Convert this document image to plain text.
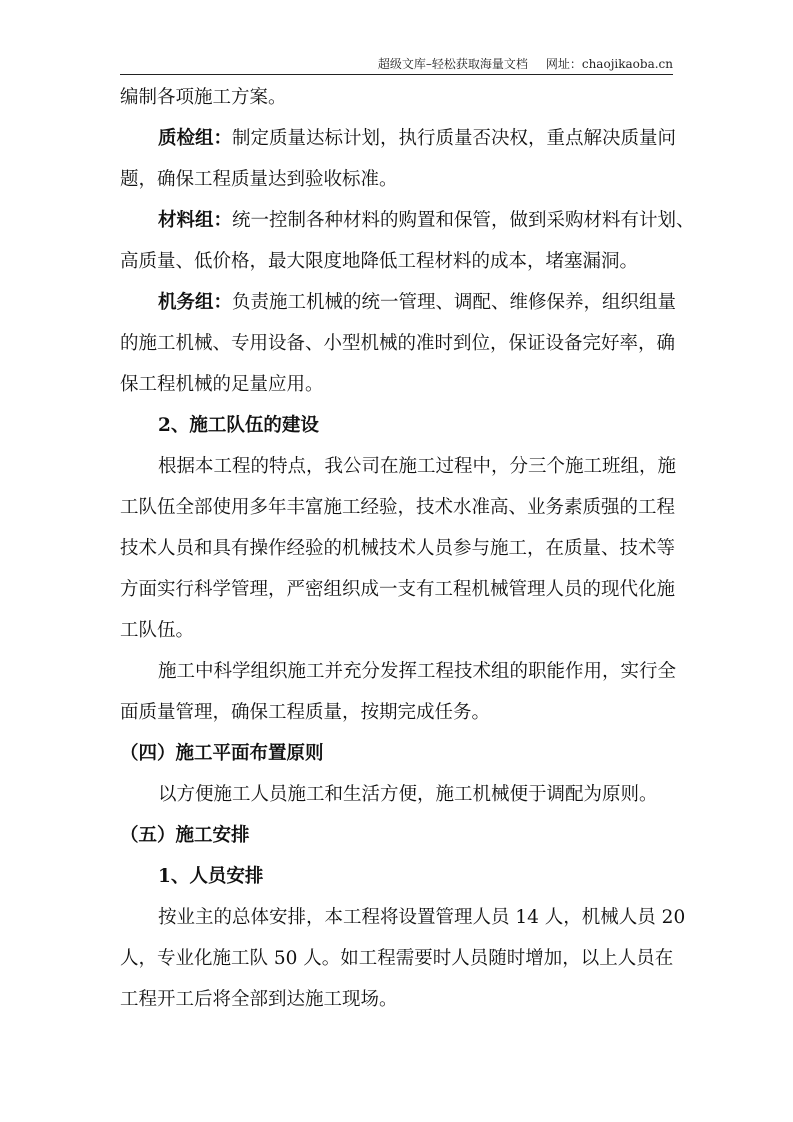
超级文库–轻松获取海量文档 网址：chaojikaoba.cn
编制各项施工方案。
质检组：制定质量达标计划，执行质量否决权，重点解决质量问
题，确保工程质量达到验收标准。
材料组：统一控制各种材料的购置和保管，做到采购材料有计划、
高质量、低价格，最大限度地降低工程材料的成本，堵塞漏洞。
机务组：负责施工机械的统一管理、调配、维修保养，组织组量
的施工机械、专用设备、小型机械的准时到位，保证设备完好率，确
保工程机械的足量应用。
2、施工队伍的建设
根据本工程的特点，我公司在施工过程中，分三个施工班组，施
工队伍全部使用多年丰富施工经验，技术水准高、业务素质强的工程
技术人员和具有操作经验的机械技术人员参与施工，在质量、技术等
方面实行科学管理，严密组织成一支有工程机械管理人员的现代化施
工队伍。
施工中科学组织施工并充分发挥工程技术组的职能作用，实行全
面质量管理，确保工程质量，按期完成任务。
（四）施工平面布置原则
以方便施工人员施工和生活方便，施工机械便于调配为原则。
（五）施工安排
1、人员安排
按业主的总体安排，本工程将设置管理人员 14 人，机械人员 20
人，专业化施工队 50 人。如工程需要时人员随时增加，以上人员在
工程开工后将全部到达施工现场。
